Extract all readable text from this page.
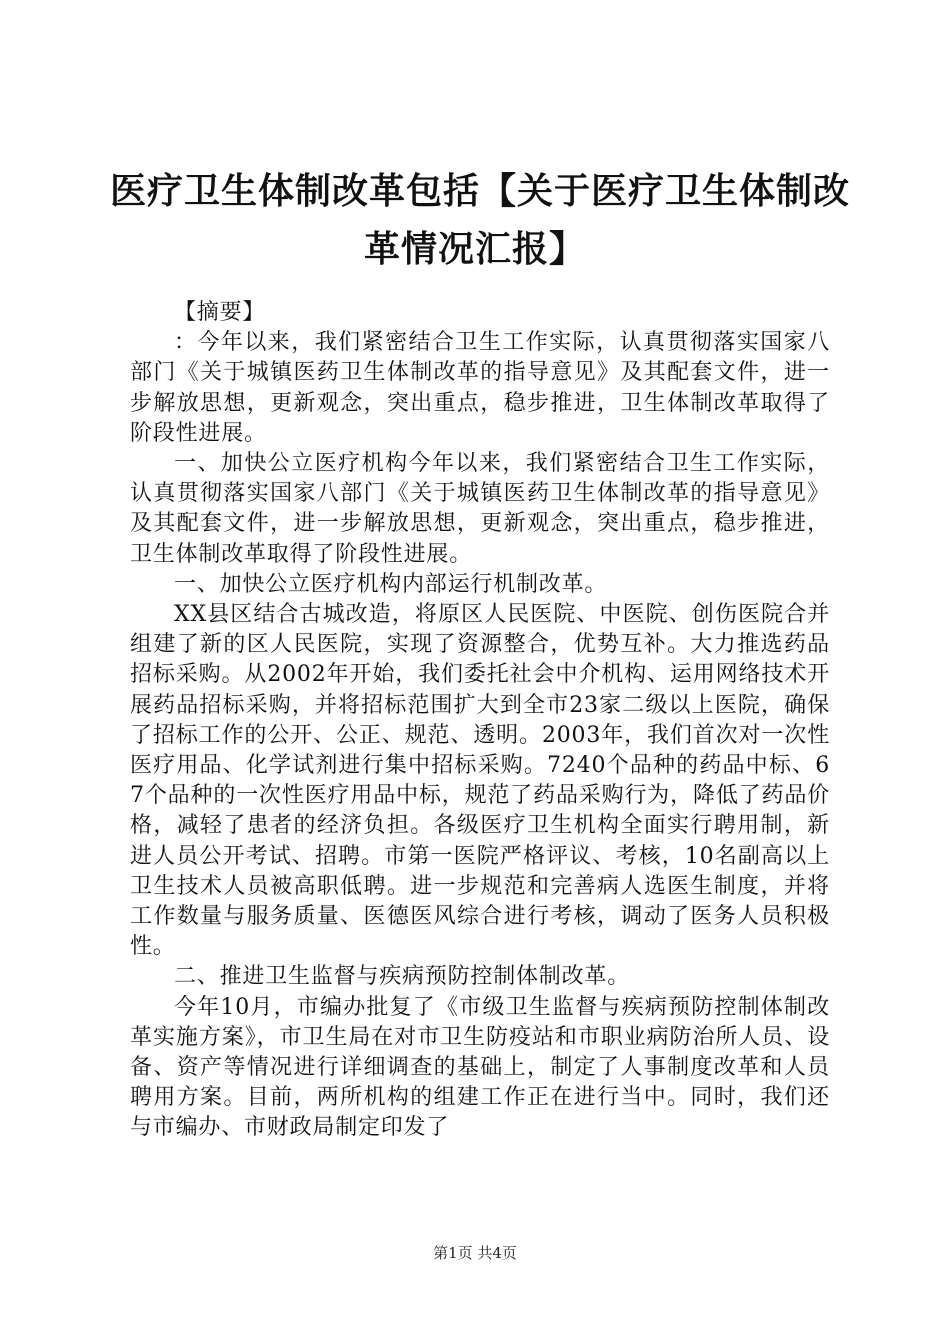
医疗卫生体制改革包括【关于医疗卫生体制改
革情况汇报】

【摘要】

：今年以来，我们紧密结合卫生工作实际，认真贯彻落实国家八部门《关于城镇医药卫生体制改革的指导意见》及其配套文件，进一步解放思想，更新观念，突出重点，稳步推进，卫生体制改革取得了阶段性进展。

一、加快公立医疗机构今年以来，我们紧密结合卫生工作实际，认真贯彻落实国家八部门《关于城镇医药卫生体制改革的指导意见》及其配套文件，进一步解放思想，更新观念，突出重点，稳步推进，卫生体制改革取得了阶段性进展。

一、加快公立医疗机构内部运行机制改革。

XX县区结合古城改造，将原区人民医院、中医院、创伤医院合并组建了新的区人民医院，实现了资源整合，优势互补。大力推选药品招标采购。从2002年开始，我们委托社会中介机构、运用网络技术开展药品招标采购，并将招标范围扩大到全市23家二级以上医院，确保了招标工作的公开、公正、规范、透明。2003年，我们首次对一次性医疗用品、化学试剂进行集中招标采购。7240个品种的药品中标、67个品种的一次性医疗用品中标，规范了药品采购行为，降低了药品价格，减轻了患者的经济负担。各级医疗卫生机构全面实行聘用制，新进人员公开考试、招聘。市第一医院严格评议、考核，10名副高以上卫生技术人员被高职低聘。进一步规范和完善病人选医生制度，并将工作数量与服务质量、医德医风综合进行考核，调动了医务人员积极性。

二、推进卫生监督与疾病预防控制体制改革。

今年10月，市编办批复了《市级卫生监督与疾病预防控制体制改革实施方案》，市卫生局在对市卫生防疫站和市职业病防治所人员、设备、资产等情况进行详细调查的基础上，制定了人事制度改革和人员聘用方案。目前，两所机构的组建工作正在进行当中。同时，我们还与市编办、市财政局制定印发了

第1页 共4页
